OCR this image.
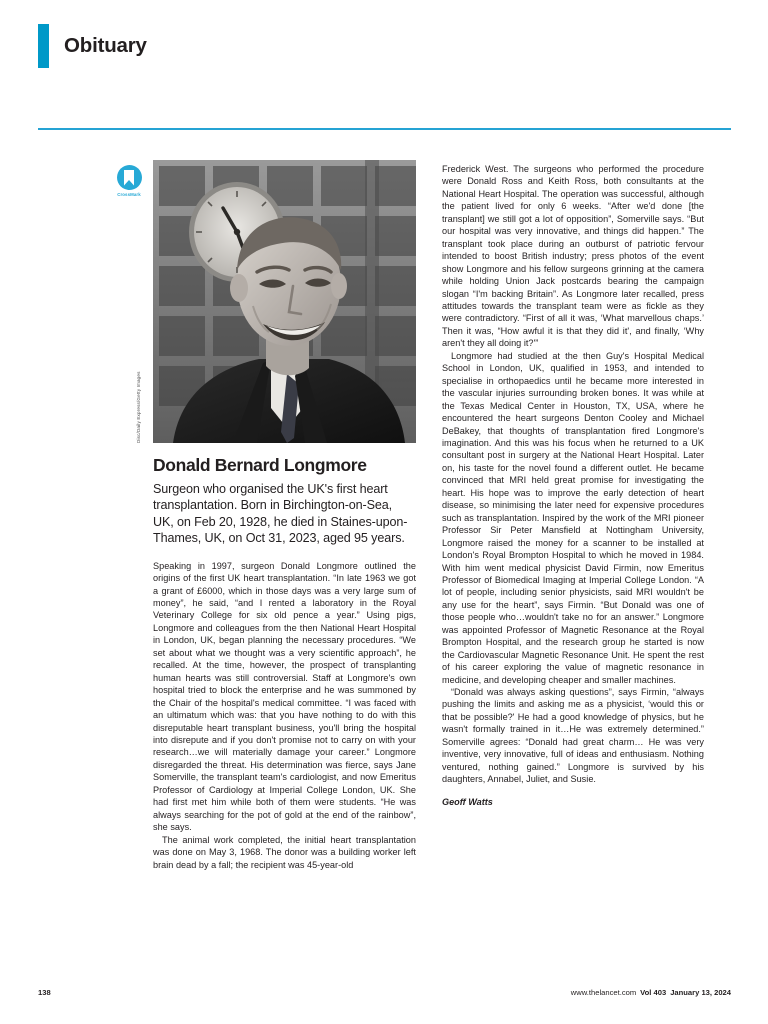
Obituary
CrossMark
Disc/Daily Express/Getty Images
Donald Bernard Longmore
Surgeon who organised the UK's first heart transplantation. Born in Birchington-on-Sea, UK, on Feb 20, 1928, he died in Staines-upon-Thames, UK, on Oct 31, 2023, aged 95 years.

Speaking in 1997, surgeon Donald Longmore outlined the origins of the first UK heart transplantation. “In late 1963 we got a grant of £6000, which in those days was a very large sum of money”, he said, “and I rented a laboratory in the Royal Veterinary College for six old pence a year.” Using pigs, Longmore and colleagues from the then National Heart Hospital in London, UK, began planning the necessary procedures. “We set about what we thought was a very scientific approach”, he recalled. At the time, however, the prospect of transplanting human hearts was still controversial. Staff at Longmore's own hospital tried to block the enterprise and he was summoned by the Chair of the hospital's medical committee. “I was faced with an ultimatum which was: that you have nothing to do with this disreputable heart transplant business, you'll bring the hospital into disrepute and if you don't promise not to carry on with your research…we will materially damage your career.” Longmore disregarded the threat. His determination was fierce, says Jane Somerville, the transplant team's cardiologist, and now Emeritus Professor of Cardiology at Imperial College London, UK. She had first met him while both of them were students. “He was always searching for the pot of gold at the end of the rainbow”, she says.

The animal work completed, the initial heart transplantation was done on May 3, 1968. The donor was a building worker left brain dead by a fall; the recipient was 45-year-old

Frederick West. The surgeons who performed the procedure were Donald Ross and Keith Ross, both consultants at the National Heart Hospital. The operation was successful, although the patient lived for only 6 weeks. “After we'd done [the transplant] we still got a lot of opposition”, Somerville says. “But our hospital was very innovative, and things did happen.” The transplant took place during an outburst of patriotic fervour intended to boost British industry; press photos of the event show Longmore and his fellow surgeons grinning at the camera while holding Union Jack postcards bearing the campaign slogan “I'm backing Britain”. As Longmore later recalled, press attitudes towards the transplant team were as fickle as they were contradictory. “First of all it was, ‘What marvellous chaps.’ Then it was, “How awful it is that they did it', and finally, ‘Why aren't they all doing it?'”

Longmore had studied at the then Guy's Hospital Medical School in London, UK, qualified in 1953, and intended to specialise in orthopaedics until he became more interested in the vascular injuries surrounding broken bones. It was while at the Texas Medical Center in Houston, TX, USA, where he encountered the heart surgeons Denton Cooley and Michael DeBakey, that thoughts of transplantation fired Longmore's imagination. And this was his focus when he returned to a UK consultant post in surgery at the National Heart Hospital. Later on, his taste for the novel found a different outlet. He became convinced that MRI held great promise for investigating the heart. His hope was to improve the early detection of heart disease, so minimising the later need for expensive procedures such as transplantation. Inspired by the work of the MRI pioneer Professor Sir Peter Mansfield at Nottingham University, Longmore raised the money for a scanner to be installed at London's Royal Brompton Hospital to which he moved in 1984. With him went medical physicist David Firmin, now Emeritus Professor of Biomedical Imaging at Imperial College London. “A lot of people, including senior physicists, said MRI wouldn't be any use for the heart”, says Firmin. “But Donald was one of those people who…wouldn't take no for an answer.” Longmore was appointed Professor of Magnetic Resonance at the Royal Brompton Hospital, and the research group he started is now the Cardiovascular Magnetic Resonance Unit. He spent the rest of his career exploring the value of magnetic resonance in medicine, and developing cheaper and smaller machines.

“Donald was always asking questions”, says Firmin, “always pushing the limits and asking me as a physicist, ‘would this or that be possible?' He had a good knowledge of physics, but he wasn't formally trained in it…He was extremely determined.” Somerville agrees: “Donald had great charm… He was very inventive, very innovative, full of ideas and enthusiasm. Nothing ventured, nothing gained.” Longmore is survived by his daughters, Annabel, Juliet, and Susie.

Geoff Watts
138	www.thelancet.com Vol 403 January 13, 2024
